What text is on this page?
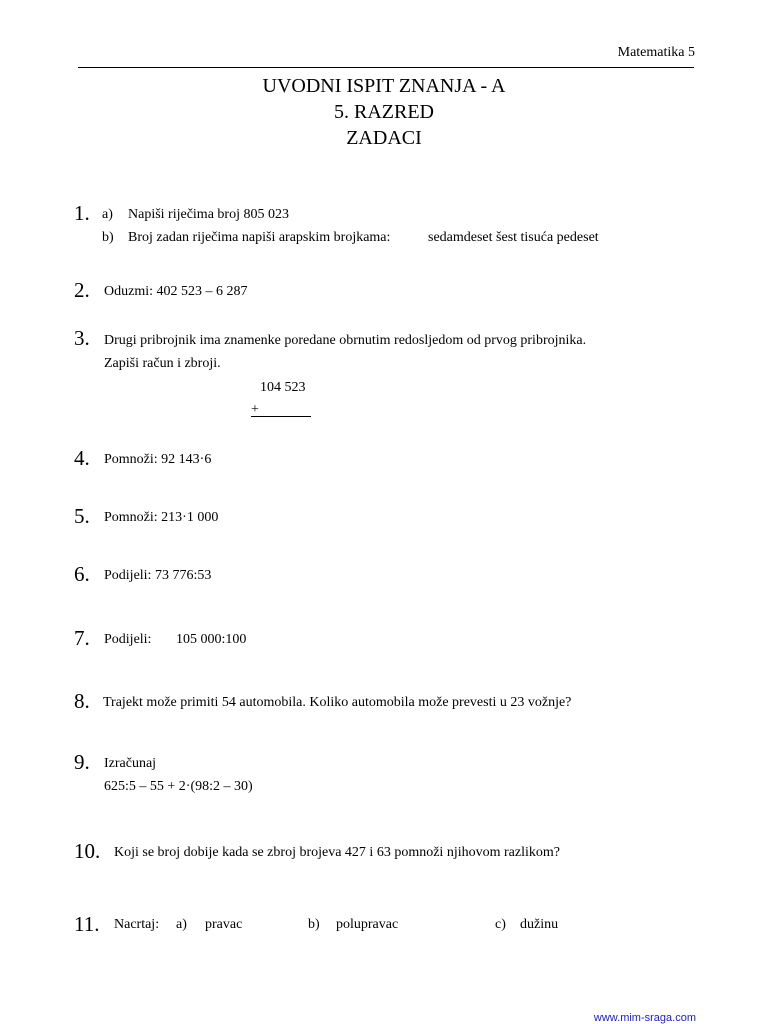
Matematika 5
UVODNI ISPIT ZNANJA - A
5. RAZRED
ZADACI
1. a) Napiši riječima broj 805 023
b) Broj zadan riječima napiši arapskim brojkama:	sedamdeset šest tisuća pedeset
2. Oduzmi: 402 523 – 6 287
3. Drugi pribrojnik ima znamenke poredane obrnutim redosljedom od prvog pribrojnika.
Zapiši račun i zbroji.
104 523
+
4. Pomnoži: 92 143·6
5. Pomnoži: 213·1 000
6. Podijeli: 73 776:53
7. Podijeli: 105 000:100
8. Trajekt može primiti 54 automobila. Koliko automobila može prevesti u 23 vožnje?
9. Izračunaj
625:5 – 55 + 2·(98:2 – 30)
10. Koji se broj dobije kada se zbroj brojeva 427 i 63 pomnoži njihovom razlikom?
11. Nacrtaj: a) pravac	b) polupravac	c) dužinu
www.mim-sraga.com
